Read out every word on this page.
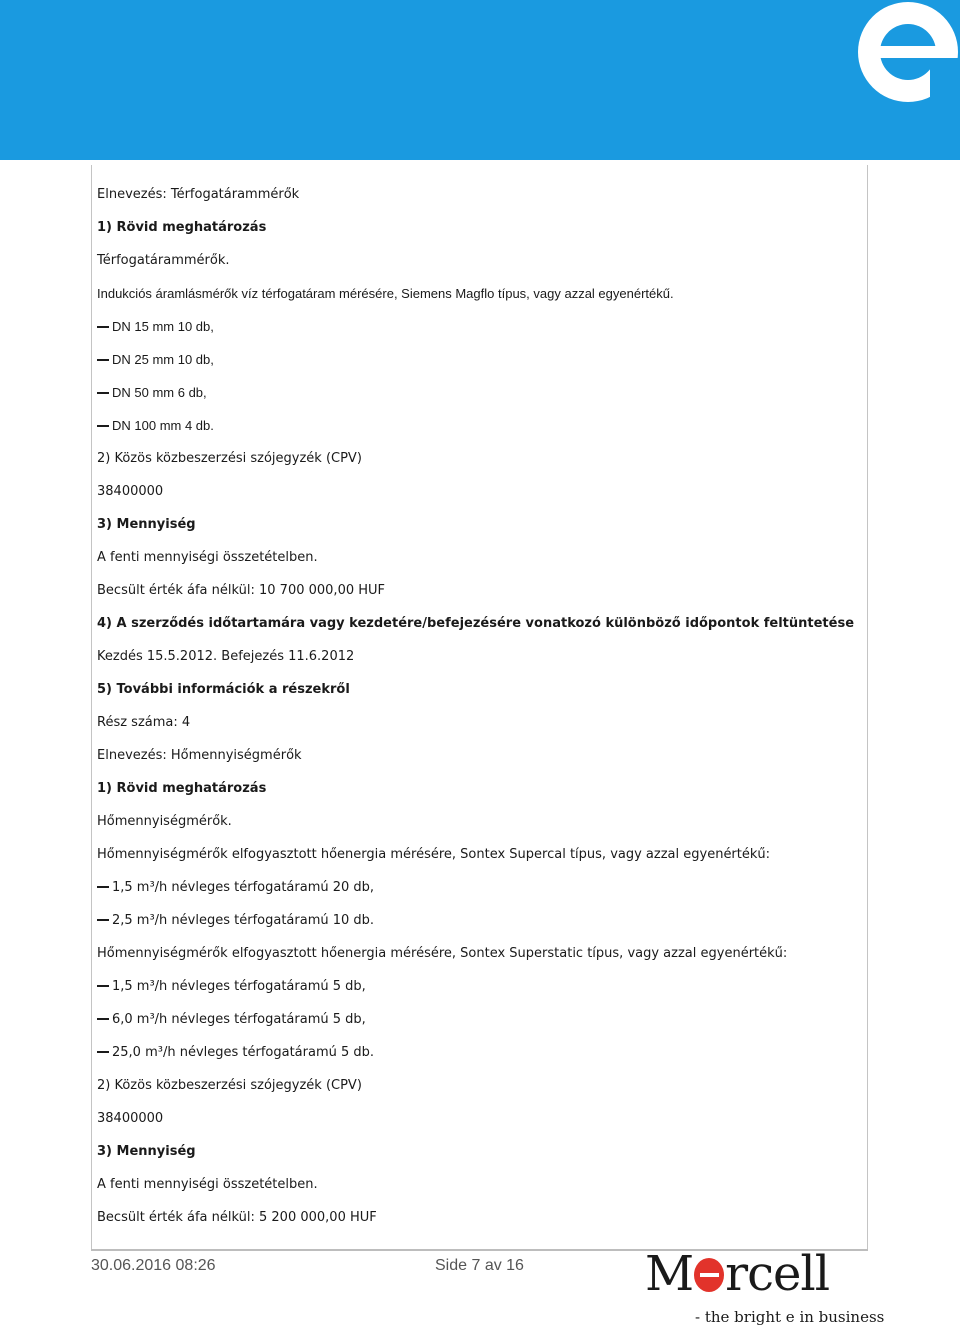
Elnevezés: Térfogatárammérők
1) Rövid meghatározás
Térfogatárammérők.
Indukciós áramlásmérők víz térfogatáram mérésére, Siemens Magflo típus, vagy azzal egyenértékű.
DN 15 mm 10 db,
DN 25 mm 10 db,
DN 50 mm 6 db,
DN 100 mm 4 db.
2) Közös közbeszerzési szójegyzék (CPV)
38400000
3) Mennyiség
A fenti mennyiségi összetételben.
Becsült érték áfa nélkül: 10 700 000,00 HUF
4) A szerződés időtartamára vagy kezdetére/befejezésére vonatkozó különböző időpontok feltüntetése
Kezdés 15.5.2012. Befejezés 11.6.2012
5) További információk a részekről
Rész száma: 4
Elnevezés: Hőmennyiségmérők
1) Rövid meghatározás
Hőmennyiségmérők.
Hőmennyiségmérők elfogyasztott hőenergia mérésére, Sontex Supercal típus, vagy azzal egyenértékű:
1,5 m³/h névleges térfogatáramú 20 db,
2,5 m³/h névleges térfogatáramú 10 db.
Hőmennyiségmérők elfogyasztott hőenergia mérésére, Sontex Superstatic típus, vagy azzal egyenértékű:
1,5 m³/h névleges térfogatáramú 5 db,
6,0 m³/h névleges térfogatáramú 5 db,
25,0 m³/h névleges térfogatáramú 5 db.
2) Közös közbeszerzési szójegyzék (CPV)
38400000
3) Mennyiség
A fenti mennyiségi összetételben.
Becsült érték áfa nélkül: 5 200 000,00 HUF
30.06.2016 08:26	Side 7 av 16	M rcell
- the bright e in business
